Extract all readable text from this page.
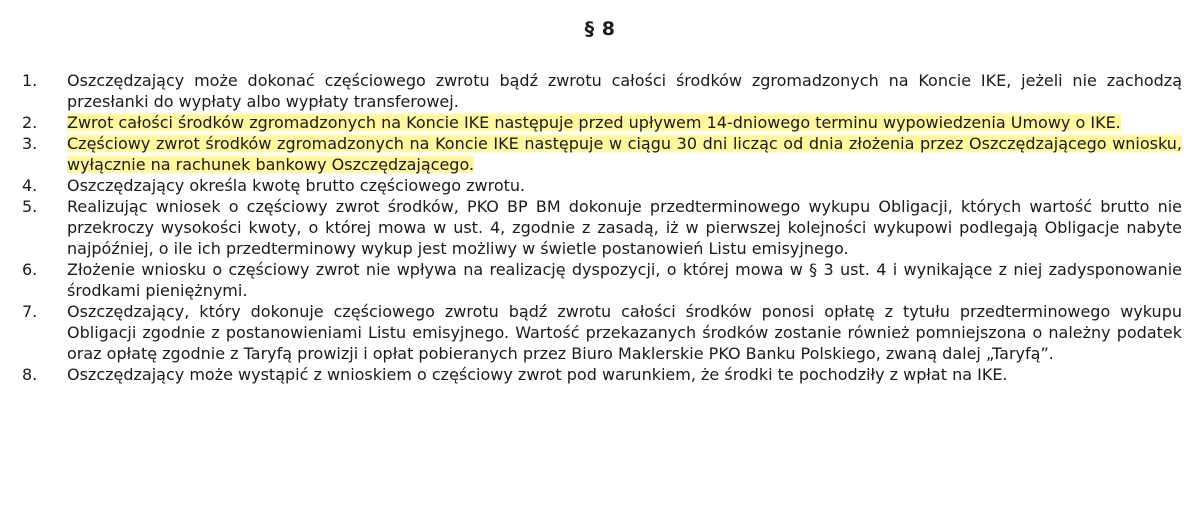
§ 8
1.	Oszczędzający może dokonać częściowego zwrotu bądź zwrotu całości środków zgromadzonych na Koncie IKE, jeżeli nie zachodzą przesłanki do wypłaty albo wypłaty transferowej.
2.	Zwrot całości środków zgromadzonych na Koncie IKE następuje przed upływem 14-dniowego terminu wypowiedzenia Umowy o IKE.
3.	Częściowy zwrot środków zgromadzonych na Koncie IKE następuje w ciągu 30 dni licząc od dnia złożenia przez Oszczędzającego wniosku, wyłącznie na rachunek bankowy Oszczędzającego.
4.	Oszczędzający określa kwotę brutto częściowego zwrotu.
5.	Realizując wniosek o częściowy zwrot środków, PKO BP BM dokonuje przedterminowego wykupu Obligacji, których wartość brutto nie przekroczy wysokości kwoty, o której mowa w ust. 4, zgodnie z zasadą, iż w pierwszej kolejności wykupowi podlegają Obligacje nabyte najpóźniej, o ile ich przedterminowy wykup jest możliwy w świetle postanowień Listu emisyjnego.
6.	Złożenie wniosku o częściowy zwrot nie wpływa na realizację dyspozycji, o której mowa w § 3 ust. 4 i wynikające z niej zadysponowanie środkami pieniężnymi.
7.	Oszczędzający, który dokonuje częściowego zwrotu bądź zwrotu całości środków ponosi opłatę z tytułu przedterminowego wykupu Obligacji zgodnie z postanowieniami Listu emisyjnego. Wartość przekazanych środków zostanie również pomniejszona o należny podatek oraz opłatę zgodnie z Taryfą prowizji i opłat pobieranych przez Biuro Maklerskie PKO Banku Polskiego, zwaną dalej „Taryfą”.
8.	Oszczędzający może wystąpić z wnioskiem o częściowy zwrot pod warunkiem, że środki te pochodziły z wpłat na IKE.
